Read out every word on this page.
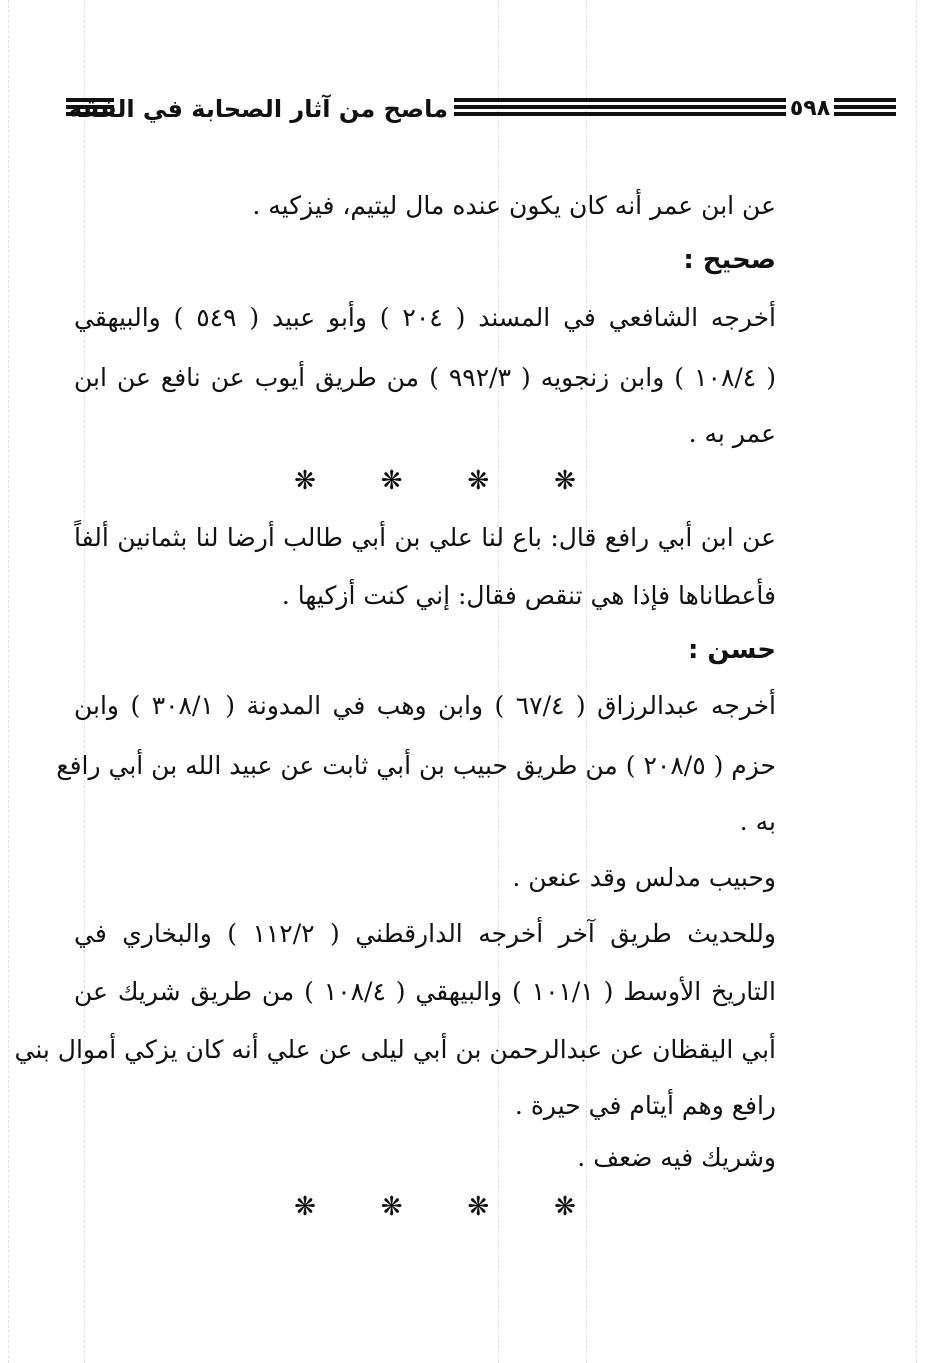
ماصح من آثار الصحابة في الفقه	٥٩٨
عن ابن عمر أنه كان يكون عنده مال ليتيم، فيزكيه .
صحيح :
أخرجه الشافعي في المسند ( ٢٠٤ ) وأبو عبيد ( ٥٤٩ ) والبيهقي
( ١٠٨/٤ ) وابن زنجويه ( ٩٩٢/٣ ) من طريق أيوب عن نافع عن ابن
عمر به .
❋ ❋ ❋ ❋
عن ابن أبي رافع قال: باع لنا علي بن أبي طالب أرضا لنا بثمانين ألفاً
فأعطاناها فإذا هي تنقص فقال: إني كنت أزكيها .
حسن :
أخرجه عبدالرزاق ( ٦٧/٤ ) وابن وهب في المدونة ( ٣٠٨/١ ) وابن
حزم ( ٢٠٨/٥ ) من طريق حبيب بن أبي ثابت عن عبيد الله بن أبي رافع
به .
وحبيب مدلس وقد عنعن .
وللحديث طريق آخر أخرجه الدارقطني ( ١١٢/٢ ) والبخاري في
التاريخ الأوسط ( ١٠١/١ ) والبيهقي ( ١٠٨/٤ ) من طريق شريك عن
أبي اليقظان عن عبدالرحمن بن أبي ليلى عن علي أنه كان يزكي أموال بني
رافع وهم أيتام في حيرة .
وشريك فيه ضعف .
❋ ❋ ❋ ❋
